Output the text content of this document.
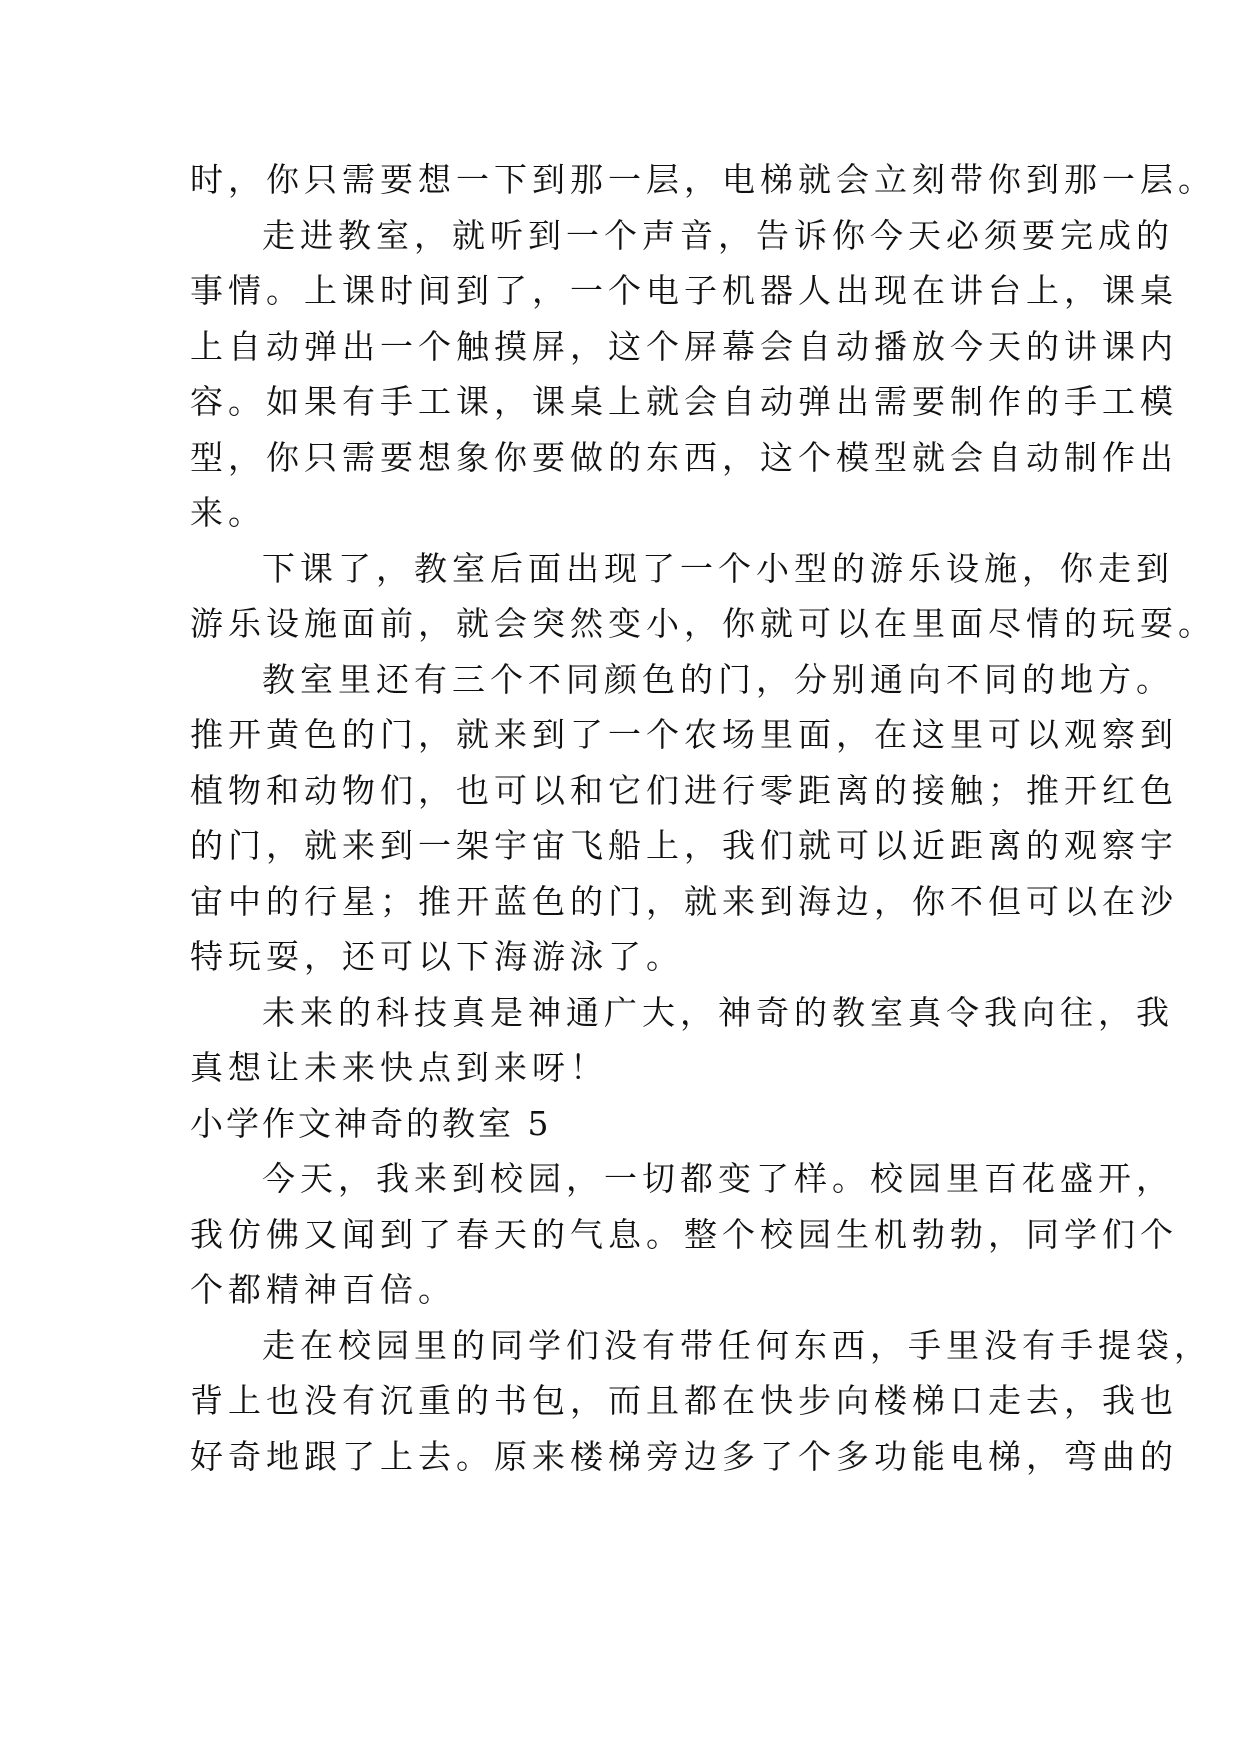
时，你只需要想一下到那一层，电梯就会立刻带你到那一层。
走进教室，就听到一个声音，告诉你今天必须要完成的
事情。上课时间到了，一个电子机器人出现在讲台上，课桌
上自动弹出一个触摸屏，这个屏幕会自动播放今天的讲课内
容。如果有手工课，课桌上就会自动弹出需要制作的手工模
型，你只需要想象你要做的东西，这个模型就会自动制作出
来。
下课了，教室后面出现了一个小型的游乐设施，你走到
游乐设施面前，就会突然变小，你就可以在里面尽情的玩耍。
教室里还有三个不同颜色的门，分别通向不同的地方。
推开黄色的门，就来到了一个农场里面，在这里可以观察到
植物和动物们，也可以和它们进行零距离的接触；推开红色
的门，就来到一架宇宙飞船上，我们就可以近距离的观察宇
宙中的行星；推开蓝色的门，就来到海边，你不但可以在沙
特玩耍，还可以下海游泳了。
未来的科技真是神通广大，神奇的教室真令我向往，我
真想让未来快点到来呀！
小学作文神奇的教室 5
今天，我来到校园，一切都变了样。校园里百花盛开，
我仿佛又闻到了春天的气息。整个校园生机勃勃，同学们个
个都精神百倍。
走在校园里的同学们没有带任何东西，手里没有手提袋，
背上也没有沉重的书包，而且都在快步向楼梯口走去，我也
好奇地跟了上去。原来楼梯旁边多了个多功能电梯，弯曲的
